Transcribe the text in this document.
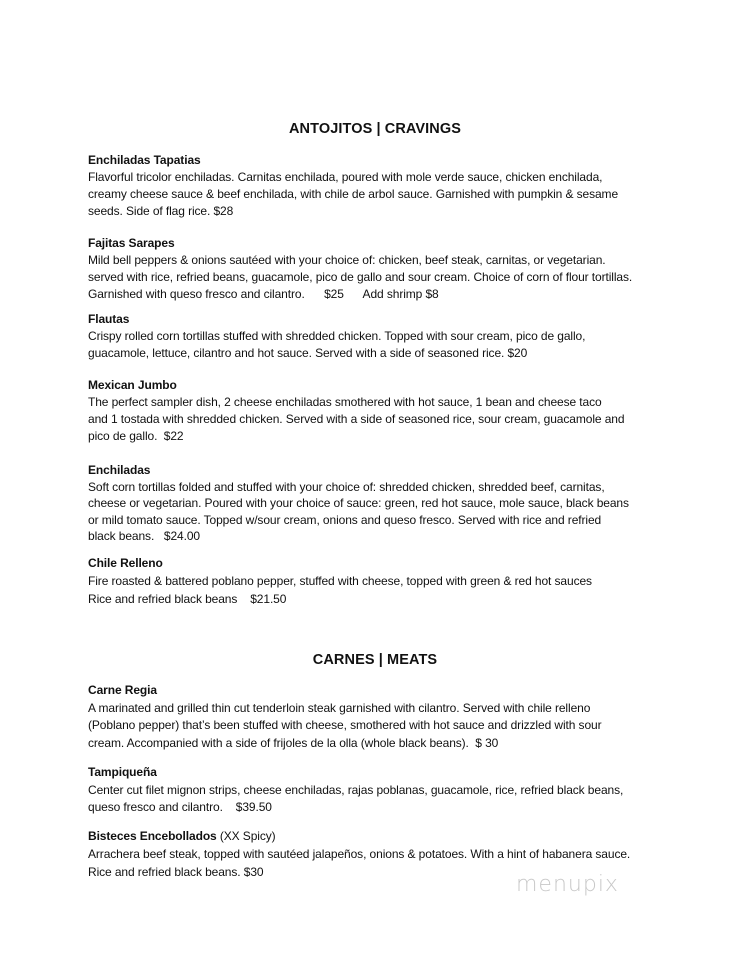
ANTOJITOS | CRAVINGS
Enchiladas Tapatias
Flavorful tricolor enchiladas. Carnitas enchilada, poured with mole verde sauce, chicken enchilada,
creamy cheese sauce & beef enchilada, with chile de arbol sauce. Garnished with pumpkin & sesame
seeds. Side of flag rice. $28
Fajitas Sarapes
Mild bell peppers & onions sautéed with your choice of: chicken, beef steak, carnitas, or vegetarian.
served with rice, refried beans, guacamole, pico de gallo and sour cream. Choice of corn of flour tortillas.
Garnished with queso fresco and cilantro.      $25      Add shrimp $8
Flautas
Crispy rolled corn tortillas stuffed with shredded chicken. Topped with sour cream, pico de gallo,
guacamole, lettuce, cilantro and hot sauce. Served with a side of seasoned rice. $20
Mexican Jumbo
The perfect sampler dish, 2 cheese enchiladas smothered with hot sauce, 1 bean and cheese taco
and 1 tostada with shredded chicken. Served with a side of seasoned rice, sour cream, guacamole and
pico de gallo.  $22
Enchiladas
Soft corn tortillas folded and stuffed with your choice of: shredded chicken, shredded beef, carnitas,
cheese or vegetarian. Poured with your choice of sauce: green, red hot sauce, mole sauce, black beans
or mild tomato sauce. Topped w/sour cream, onions and queso fresco. Served with rice and refried
black beans.   $24.00
Chile Relleno
Fire roasted & battered poblano pepper, stuffed with cheese, topped with green & red hot sauces
Rice and refried black beans    $21.50
CARNES | MEATS
Carne Regia
A marinated and grilled thin cut tenderloin steak garnished with cilantro. Served with chile relleno
(Poblano pepper) that’s been stuffed with cheese, smothered with hot sauce and drizzled with sour
cream. Accompanied with a side of frijoles de la olla (whole black beans).  $ 30
Tampiqueña
Center cut filet mignon strips, cheese enchiladas, rajas poblanas, guacamole, rice, refried black beans,
queso fresco and cilantro.    $39.50
Bisteces Encebollados (XX Spicy)
Arrachera beef steak, topped with sautéed jalapeños, onions & potatoes. With a hint of habanera sauce.
Rice and refried black beans. $30	menupix
